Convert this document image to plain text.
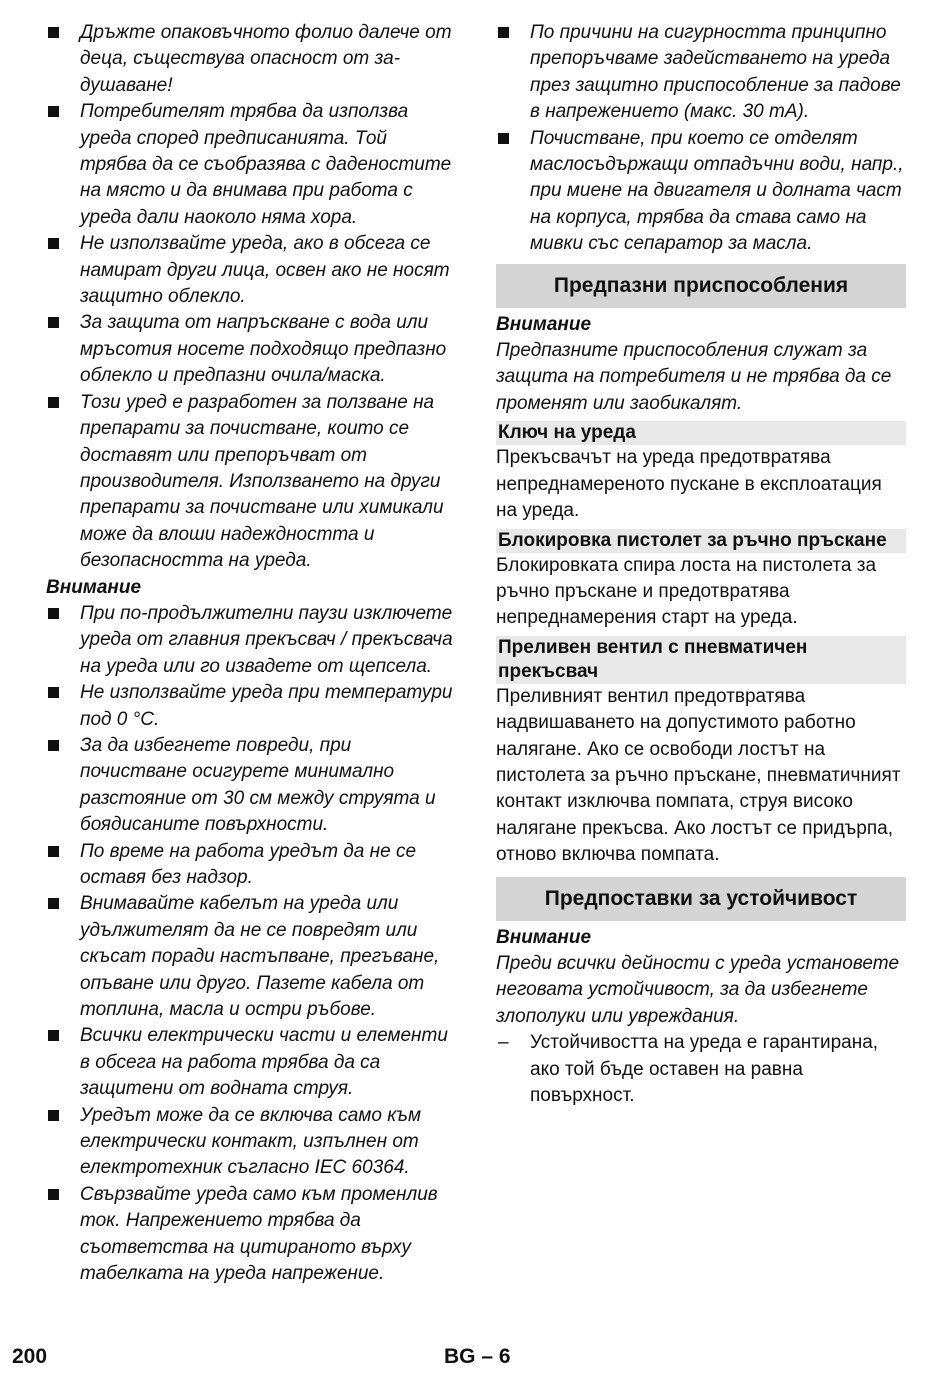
Дръжте опаковъчното фолио далече от деца, съществува опасност от задушаване!
Потребителят трябва да използва уреда според предписанията. Той трябва да се съобразява с даденостите на място и да внимава при работа с уреда дали наоколо няма хора.
Не използвайте уреда, ако в обсега се намират други лица, освен ако не носят защитно облекло.
За защита от напръскване с вода или мръсотия носете подходящо предпазно облекло и предпазни очила/маска.
Този уред е разработен за ползване на препарати за почистване, които се доставят или препоръчват от производителя. Използването на други препарати за почистване или химикали може да влоши надеждността и безопасността на уреда.
Внимание
При по-продължителни паузи изключете уреда от главния прекъсвач / прекъсвача на уреда или го извадете от щепсела.
Не използвайте уреда при температури под 0 °C.
За да избегнете повреди, при почистване осигурете минимално разстояние от 30 см между струята и боядисаните повърхности.
По време на работа уредът да не се оставя без надзор.
Внимавайте кабелът на уреда или удължителят да не се повредят или скъсат поради настъпване, прегъване, опъване или друго. Пазете кабела от топлина, масла и остри ръбове.
Всички електрически части и елементи в обсега на работа трябва да са защитени от водната струя.
Уредът може да се включва само към електрически контакт, изпълнен от електротехник съгласно IEC 60364.
Свързвайте уреда само към променлив ток. Напрежението трябва да съответства на цитираното върху табелката на уреда напрежение.
По причини на сигурността принципно препоръчваме задействането на уреда през защитно приспособление за падове в напрежението (макс. 30 mA).
Почистване, при което се отделят маслосъдържащи отпадъчни води, напр., при миене на двигателя и долната част на корпуса, трябва да става само на мивки със сепаратор за масла.
Предпазни приспособления
Внимание
Предпазните приспособления служат за защита на потребителя и не трябва да се променят или заобикалят.
Ключ на уреда
Прекъсвачът на уреда предотвратява непреднамереното пускане в експлоатация на уреда.
Блокировка пистолет за ръчно пръскане
Блокировката спира лоста на пистолета за ръчно пръскане и предотвратява непреднамерения старт на уреда.
Преливен вентил с пневматичен прекъсвач
Преливният вентил предотвратява надвишаването на допустимото работно налягане. Ако се освободи лостът на пистолета за ръчно пръскане, пневматичният контакт изключва помпата, струя високо налягане прекъсва. Ако лостът се придърпа, отново включва помпата.
Предпоставки за устойчивост
Внимание
Преди всички дейности с уреда установете неговата устойчивост, за да избегнете злополуки или увреждания.
– Устойчивостта на уреда е гарантирана, ако той бъде оставен на равна повърхност.
200	BG – 6
